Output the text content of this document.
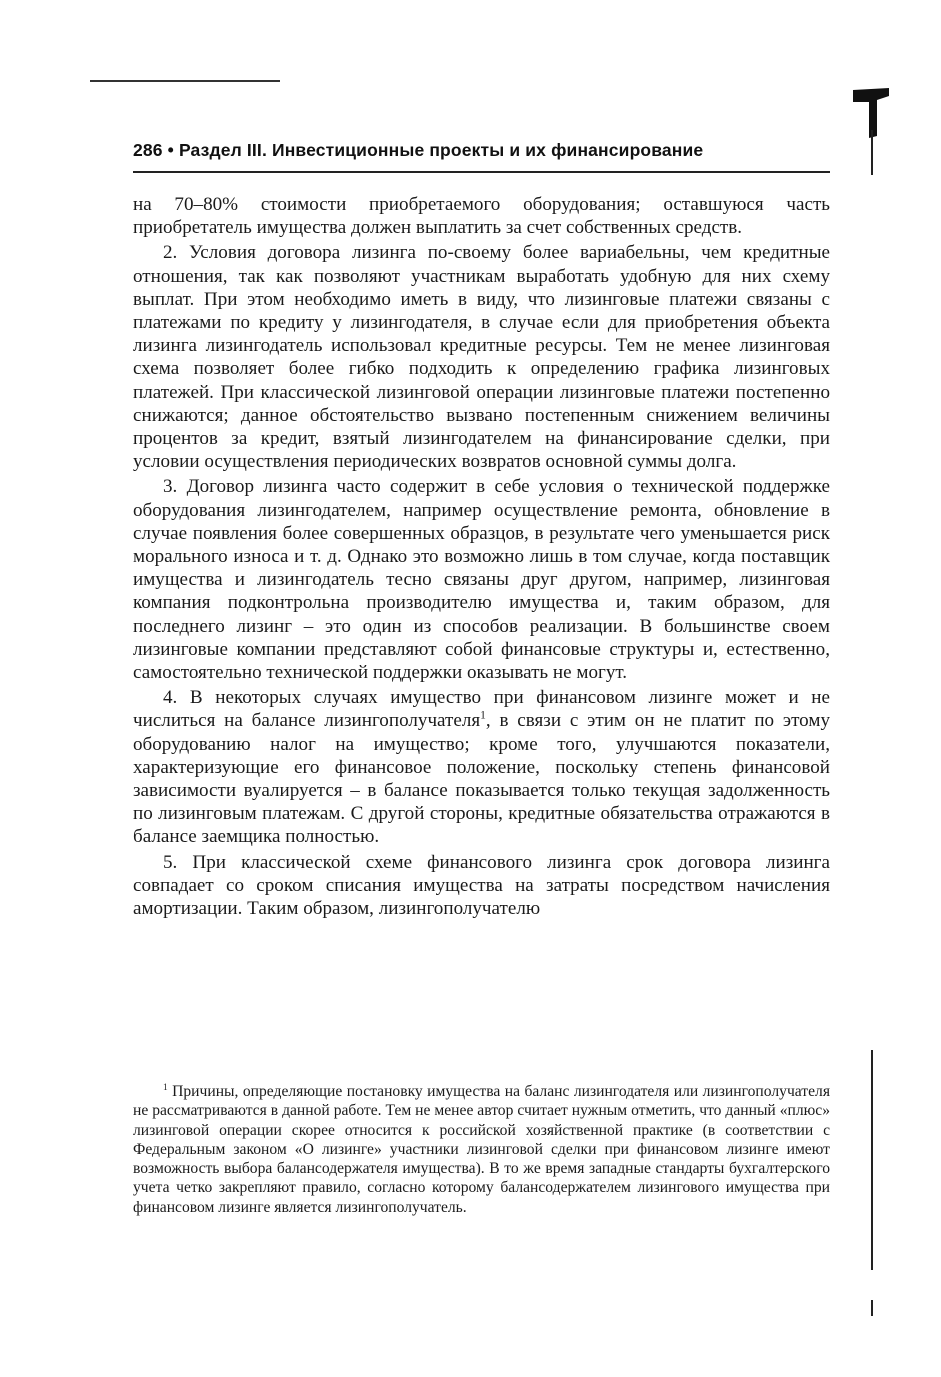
286 • Раздел III. Инвестиционные проекты и их финансирование

на 70–80% стоимости приобретаемого оборудования; оставшуюся часть приобретатель имущества должен выплатить за счет собственных средств.

2. Условия договора лизинга по-своему более вариабельны, чем кредитные отношения, так как позволяют участникам выработать удобную для них схему выплат. При этом необходимо иметь в виду, что лизинговые платежи связаны с платежами по кредиту у лизингодателя, в случае если для приобретения объекта лизинга лизингодатель использовал кредитные ресурсы. Тем не менее лизинговая схема позволяет более гибко подходить к определению графика лизинговых платежей. При классической лизинговой операции лизинговые платежи постепенно снижаются; данное обстоятельство вызвано постепенным снижением величины процентов за кредит, взятый лизингодателем на финансирование сделки, при условии осуществления периодических возвратов основной суммы долга.

3. Договор лизинга часто содержит в себе условия о технической поддержке оборудования лизингодателем, например осуществление ремонта, обновление в случае появления более совершенных образцов, в результате чего уменьшается риск морального износа и т. д. Однако это возможно лишь в том случае, когда поставщик имущества и лизингодатель тесно связаны друг другом, например, лизинговая компания подконтрольна производителю имущества и, таким образом, для последнего лизинг – это один из способов реализации. В большинстве своем лизинговые компании представляют собой финансовые структуры и, естественно, самостоятельно технической поддержки оказывать не могут.

4. В некоторых случаях имущество при финансовом лизинге может и не числиться на балансе лизингополучателя$^1$, в связи с этим он не платит по этому оборудованию налог на имущество; кроме того, улучшаются показатели, характеризующие его финансовое положение, поскольку степень финансовой зависимости вуалируется – в балансе показывается только текущая задолженность по лизинговым платежам. С другой стороны, кредитные обязательства отражаются в балансе заемщика полностью.

5. При классической схеме финансового лизинга срок договора лизинга совпадает со сроком списания имущества на затраты посредством начисления амортизации. Таким образом, лизингополучателю

$^1$ Причины, определяющие постановку имущества на баланс лизингодателя или лизингополучателя не рассматриваются в данной работе. Тем не менее автор считает нужным отметить, что данный «плюс» лизинговой операции скорее относится к российской хозяйственной практике (в соответствии с Федеральным законом «О лизинге» участники лизинговой сделки при финансовом лизинге имеют возможность выбора балансодержателя имущества). В то же время западные стандарты бухгалтерского учета четко закрепляют правило, согласно которому балансодержателем лизингового имущества при финансовом лизинге является лизингополучатель.
